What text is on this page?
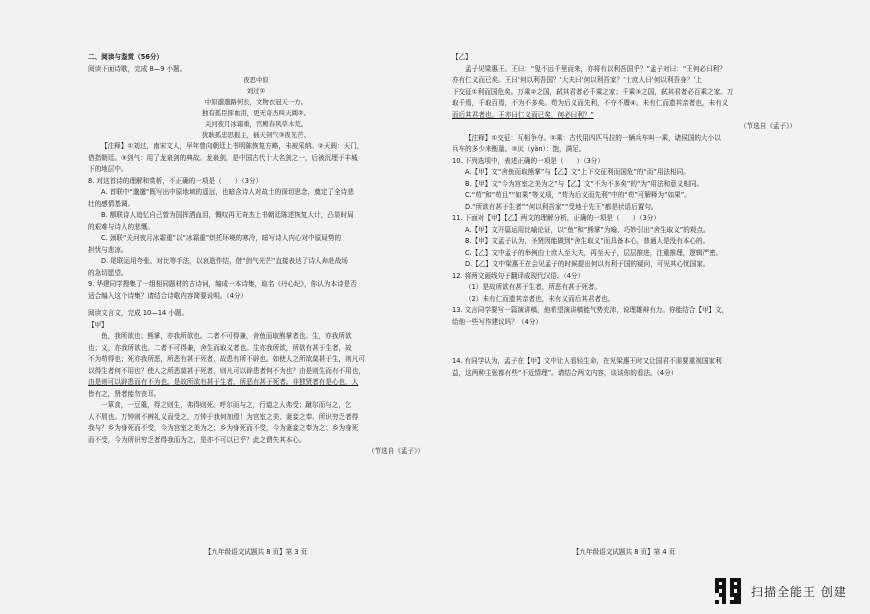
二、阅读与鉴赏（56分）
阅读下面诗歌，完成 8—9 小题。
夜思中原
刘过①
中原邈邈路何长，文物衣冠天一方。
独有孤臣挥血泪，更无奇杰叫天阊②。
关河夜月冰霜重，宫殿春风草木荒。
犹耿孤忠思报主，插天剑气③夜光芒。
【注释】①刘过，南宋文人，早年曾向朝廷上书明陈恢复方略，未被采纳。②天阊：天门，
借指朝廷。③剑气：用了龙泉剑的典故。龙泉剑，是中国古代十大名剑之一，后被沉埋于丰城
下的地层中。
8. 对这首诗的理解和赏析，不正确的一项是（　　）（3分）
A. 首联中“邈邈”既写出中原地域的遥远，也暗含诗人对故土的深切思念，奠定了全诗悲
壮的感情基调。
B. 额联诗人追忆自己曾为国挥洒血泪，慨叹再无奇杰上书朝廷陈述恢复大计，凸显时局
的艰难与诗人的悲慨。
C. 颈联“关河夜月冰霜重”以“冰霜重”烘托环境的寒冷，暗写诗人内心对中原局势的
担忧与悲凉。
D. 尾联运用夸张、对比等手法，以哀逝作结，借“剑气光芒”直接表达了诗人奔赴战场
的急切愿望。
9. 华建同学搜集了一组相同题材的古诗词，编成一本诗集，取名《丹心纪》，你认为本诗是否
适合编入这个诗集？请结合诗歌内容简要说明。（4分）
阅读文言文，完成 10—14 小题。
【甲】
鱼，我所欲也；熊掌，亦我所欲也。二者不可得兼，舍鱼而取熊掌者也。生，亦我所欲
也；义，亦我所欲也。二者不可得兼，舍生而取义者也。生亦我所欲，所欲有甚于生者，故
不为苟得也；死亦我所恶，所恶有甚于死者，故患有所不辟也。如使人之所欲莫甚于生，则凡可
以得生者何不用也？使人之所恶莫甚于死者，则凡可以辟患者何不为也？由是则生而有不用也，
由是则可以辟患而有不为也。是故所欲有甚于生者，所恶有甚于死者。非独贤者有是心也，人
皆有之，贤者能勿丧耳。
一箪食，一豆羹，得之则生，弗得则死。呼尔而与之，行道之人弗受；蹴尔而与之，乞
人不屑也。万钟则不辨礼义而受之，万钟于我何加焉！为宫室之美、妻妾之奉、所识穷乏者得
我与？乡为身死而不受，今为宫室之美为之；乡为身死而不受，今为妻妾之奉为之；乡为身死
而不受，今为所识穷乏者得我而为之，是亦不可以已乎？此之谓失其本心。
（节选自《孟子》）
【九年级语文试题共 8 页】第 3 页
【乙】
孟子见梁惠王。王曰：“叟不远千里而来，亦将有以利吾国乎？”孟子对曰：“王何必曰利？
亦有仁义而已矣。王曰‘何以利吾国？’大夫曰‘何以利吾家？’士庶人曰‘何以利吾身？’上
下交征①利而国危矣。万乘②之国，弑其君者必千乘之家；千乘③之国，弑其君者必百乘之家。万
取千焉，千取百焉，不为不多矣。苟为后义而先利，不夺不餍④。未有仁而遗其亲者也，未有义
而后其君者也。王亦曰仁义而已矣，何必曰利？”
（节选自《孟子》）
【注释】①交征：互相争夺。②乘：古代用四匹马拉的一辆兵车叫一乘，诸侯国的大小以
兵车的多少来衡量。③厌（yàn）：饱，满足。
10. 下列选项中，表述正确的一项是（　　）（3分）
A.【甲】文“舍鱼而取熊掌”与【乙】文“上下交征利而国危”的“而”用法相同。
B.【甲】文“今为宫室之美为之”与【乙】文“不为不多矣”的“为”用法和意义相同。
C.“苟”和“苟且”“如果”等义项，“苟为后义而先利”中的“苟”可解释为“如果”。
D.“所欲有甚于生者”“何以利吾家”“受地于先王”都是状语后置句。
11. 下面对【甲】【乙】两文的理解分析，正确的一项是（　　）（3分）
A.【甲】文开篇运用比喻论证，以“鱼”和“熊掌”为喻，巧妙引出“舍生取义”的观点。
B.【甲】文孟子认为，圣贤因能做到“舍生取义”而具备本心，普通人是没有本心的。
C.【乙】文中孟子的举例由士庶人至大夫，再至天子，层层推进，注重推理，逻辑严密。
D.【乙】文中梁惠王在会见孟子的时候提出何以有利于国的疑问，可见其心忧国家。
12. 将两文画线句子翻译成现代汉语。（4分）
（1）是故所欲有甚于生者，所恶有甚于死者。
（2）未有仁而遗其亲者也，未有义而后其君者也。
13. 文言同学要写一篇演讲稿，他希望演讲稿能气势充沛，说理雄辩有力。你能结合【甲】文，
给他一些写作建议吗？（4分）
14. 有同学认为，孟子在【甲】文中让人看轻生命，在见梁惠王时又让国君不需要重视国家利
益，这两种主张都有些“不近情理”。请结合两文内容，谈谈你的看法。（4分）
【九年级语文试题共 8 页】第 4 页
扫描全能王 创建
